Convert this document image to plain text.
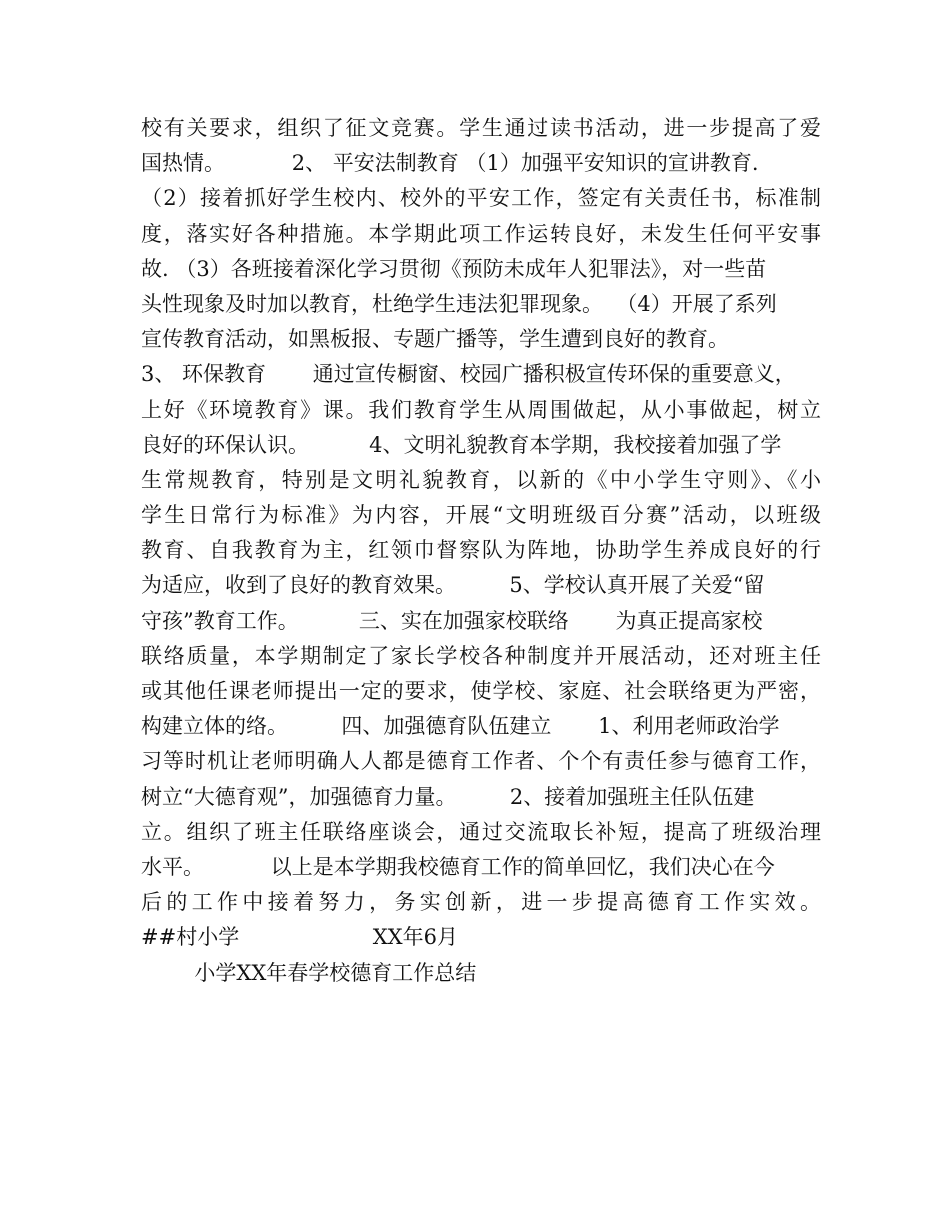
校有关要求，组织了征文竞赛。学生通过读书活动，进一步提高了爱
国热情。          2、 平安法制教育 （1）加强平安知识的宣讲教育.
（2）接着抓好学生校内、校外的平安工作，签定有关责任书，标准制
度，落实好各种措施。本学期此项工作运转良好，未发生任何平安事
故. （3）各班接着深化学习贯彻《预防未成年人犯罪法》，对一些苗
头性现象及时加以教育，杜绝学生违法犯罪现象。  （4）开展了系列
宣传教育活动，如黑板报、专题广播等，学生遭到良好的教育。
3、 环保教育       通过宣传橱窗、校园广播积极宣传环保的重要意义，
上好《环境教育》课。我们教育学生从周围做起，从小事做起，树立
良好的环保认识。         4、文明礼貌教育本学期，我校接着加强了学
生常规教育，特别是文明礼貌教育，以新的《中小学生守则》、《小
学生日常行为标准》为内容，开展“文明班级百分赛”活动，以班级
教育、自我教育为主，红领巾督察队为阵地，协助学生养成良好的行
为适应，收到了良好的教育效果。        5、学校认真开展了关爱“留
守孩”教育工作。         三、实在加强家校联络       为真正提高家校
联络质量，本学期制定了家长学校各种制度并开展活动，还对班主任
或其他任课老师提出一定的要求，使学校、家庭、社会联络更为严密，
构建立体的络。        四、加强德育队伍建立       1、利用老师政治学
习等时机让老师明确人人都是德育工作者、个个有责任参与德育工作，
树立“大德育观”，加强德育力量。        2、接着加强班主任队伍建
立。组织了班主任联络座谈会，通过交流取长补短，提高了班级治理
水平。          以上是本学期我校德育工作的简单回忆，我们决心在今
后的工作中接着努力，务实创新，进一步提高德育工作实效。
##村小学                    XX年6月
小学XX年春学校德育工作总结
